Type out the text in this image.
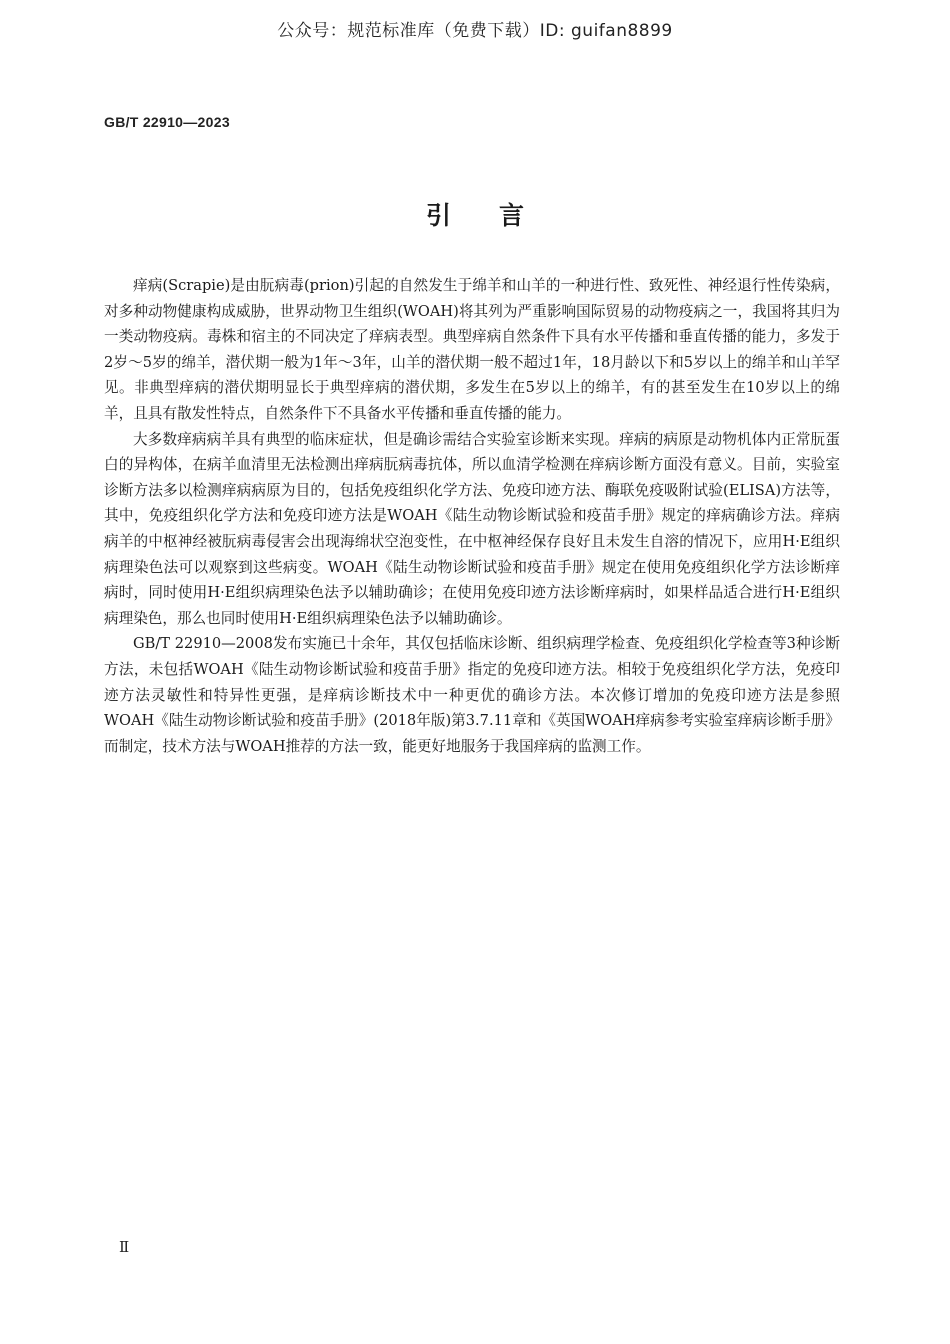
公众号：规范标准库（免费下载）ID: guifan8899
GB/T 22910—2023
引言

痒病(Scrapie)是由朊病毒(prion)引起的自然发生于绵羊和山羊的一种进行性、致死性、神经退行性传染病，对多种动物健康构成威胁，世界动物卫生组织(WOAH)将其列为严重影响国际贸易的动物疫病之一，我国将其归为一类动物疫病。毒株和宿主的不同决定了痒病表型。典型痒病自然条件下具有水平传播和垂直传播的能力，多发于2岁～5岁的绵羊，潜伏期一般为1年～3年，山羊的潜伏期一般不超过1年，18月龄以下和5岁以上的绵羊和山羊罕见。非典型痒病的潜伏期明显长于典型痒病的潜伏期，多发生在5岁以上的绵羊，有的甚至发生在10岁以上的绵羊，且具有散发性特点，自然条件下不具备水平传播和垂直传播的能力。

大多数痒病病羊具有典型的临床症状，但是确诊需结合实验室诊断来实现。痒病的病原是动物机体内正常朊蛋白的异构体，在病羊血清里无法检测出痒病朊病毒抗体，所以血清学检测在痒病诊断方面没有意义。目前，实验室诊断方法多以检测痒病病原为目的，包括免疫组织化学方法、免疫印迹方法、酶联免疫吸附试验(ELISA)方法等，其中，免疫组织化学方法和免疫印迹方法是WOAH《陆生动物诊断试验和疫苗手册》规定的痒病确诊方法。痒病病羊的中枢神经被朊病毒侵害会出现海绵状空泡变性，在中枢神经保存良好且未发生自溶的情况下，应用H·E组织病理染色法可以观察到这些病变。WOAH《陆生动物诊断试验和疫苗手册》规定在使用免疫组织化学方法诊断痒病时，同时使用H·E组织病理染色法予以辅助确诊；在使用免疫印迹方法诊断痒病时，如果样品适合进行H·E组织病理染色，那么也同时使用H·E组织病理染色法予以辅助确诊。

GB/T 22910—2008发布实施已十余年，其仅包括临床诊断、组织病理学检查、免疫组织化学检查等3种诊断方法，未包括WOAH《陆生动物诊断试验和疫苗手册》指定的免疫印迹方法。相较于免疫组织化学方法，免疫印迹方法灵敏性和特异性更强，是痒病诊断技术中一种更优的确诊方法。本次修订增加的免疫印迹方法是参照WOAH《陆生动物诊断试验和疫苗手册》(2018年版)第3.7.11章和《英国WOAH痒病参考实验室痒病诊断手册》而制定，技术方法与WOAH推荐的方法一致，能更好地服务于我国痒病的监测工作。

Ⅱ
